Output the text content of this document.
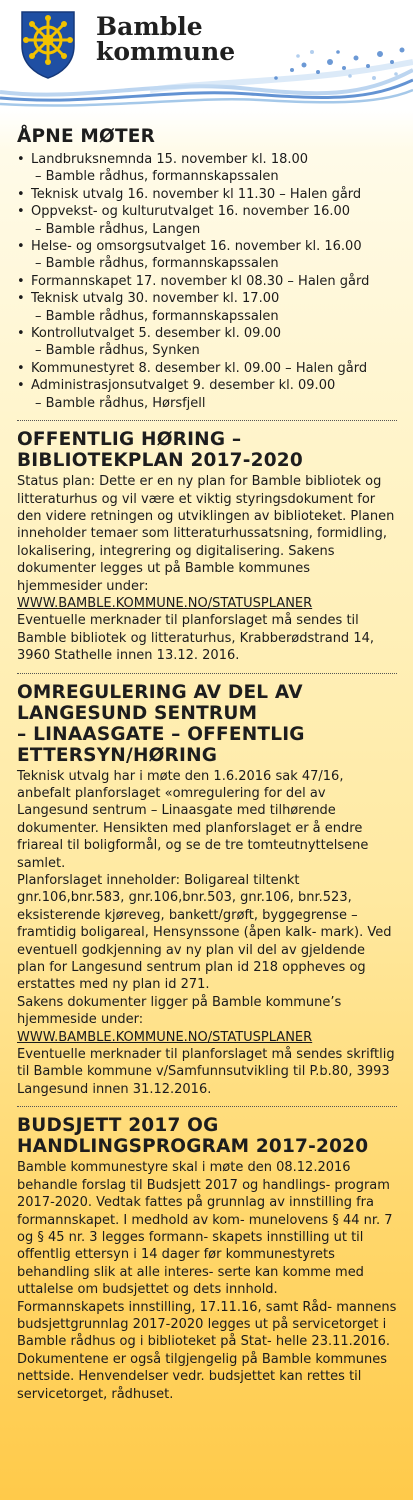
Bamble
kommune
ÅPNE MØTER
• Landbruksnemnda 15. november kl. 18.00
– Bamble rådhus, formannskapssalen
• Teknisk utvalg 16. november kl 11.30 – Halen gård
• Oppvekst- og kulturutvalget 16. november 16.00
– Bamble rådhus, Langen
• Helse- og omsorgsutvalget 16. november kl. 16.00
– Bamble rådhus, formannskapssalen
• Formannskapet 17. november kl 08.30 – Halen gård
• Teknisk utvalg 30. november kl. 17.00
– Bamble rådhus, formannskapssalen
• Kontrollutvalget 5. desember kl. 09.00
– Bamble rådhus, Synken
• Kommunestyret 8. desember kl. 09.00 – Halen gård
• Administrasjonsutvalget 9. desember kl. 09.00
– Bamble rådhus, Hørsfjell
OFFENTLIG HØRING –
BIBLIOTEKPLAN 2017-2020

Status plan: Dette er en ny plan for Bamble bibliotek og litteraturhus og vil være et viktig styringsdokument for den videre retningen og utviklingen av biblioteket. Planen inneholder temaer som litteraturhussatsning, formidling, lokalisering, integrering og digitalisering. Sakens dokumenter legges ut på Bamble kommunes hjemmesider under:

WWW.BAMBLE.KOMMUNE.NO/STATUSPLANER

Eventuelle merknader til planforslaget må sendes til Bamble bibliotek og litteraturhus, Krabberødstrand 14, 3960 Stathelle innen 13.12. 2016.

OMREGULERING AV DEL AV
LANGESUND SENTRUM
– LINAASGATE – OFFENTLIG
ETTERSYN/HØRING

Teknisk utvalg har i møte den 1.6.2016 sak 47/16, anbefalt planforslaget «omregulering for del av Langesund sentrum – Linaasgate med tilhørende dokumenter. Hensikten med planforslaget er å endre friareal til boligformål, og se de tre tomteutnyttelsene samlet.

Planforslaget inneholder: Boligareal tiltenkt gnr.106,bnr.583, gnr.106,bnr.503, gnr.106, bnr.523, eksisterende kjøreveg, bankett/grøft, byggegrense – framtidig boligareal, Hensynssone (åpen kalk- mark). Ved eventuell godkjenning av ny plan vil del av gjeldende plan for Langesund sentrum plan id 218 oppheves og erstattes med ny plan id 271.

Sakens dokumenter ligger på Bamble kommune’s hjemmeside under:

WWW.BAMBLE.KOMMUNE.NO/STATUSPLANER

Eventuelle merknader til planforslaget må sendes skriftlig til Bamble kommune v/Samfunnsutvikling til P.b.80, 3993 Langesund innen 31.12.2016.

BUDSJETT 2017 OG
HANDLINGSPROGRAM 2017-2020

Bamble kommunestyre skal i møte den 08.12.2016 behandle forslag til Budsjett 2017 og handlings- program 2017-2020. Vedtak fattes på grunnlag av innstilling fra formannskapet. I medhold av kom- munelovens § 44 nr. 7 og § 45 nr. 3 legges formann- skapets innstilling ut til offentlig ettersyn i 14 dager før kommunestyrets behandling slik at alle interes- serte kan komme med uttalelse om budsjettet og dets innhold.

Formannskapets innstilling, 17.11.16, samt Råd- mannens budsjettgrunnlag 2017-2020 legges ut på servicetorget i Bamble rådhus og i biblioteket på Stat- helle 23.11.2016. Dokumentene er også tilgjengelig på Bamble kommunes nettside. Henvendelser vedr. budsjettet kan rettes til servicetorget, rådhuset.
